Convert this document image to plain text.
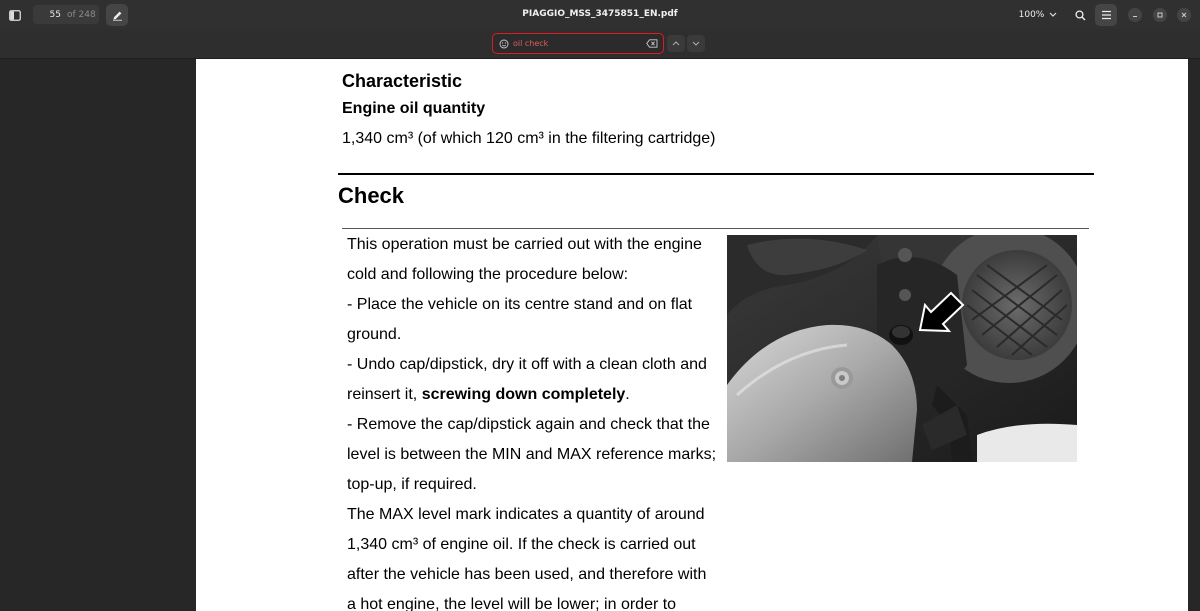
55 of 248	PIAGGIO_MSS_3475851_EN.pdf	100%
oil check
Characteristic
Engine oil quantity
1,340 cm³ (of which 120 cm³ in the filtering cartridge)
Check

This operation must be carried out with the engine cold and following the procedure below:

- Place the vehicle on its centre stand and on flat ground.

- Undo cap/dipstick, dry it off with a clean cloth and reinsert it, screwing down completely.

- Remove the cap/dipstick again and check that the level is between the MIN and MAX reference marks; top-up, if required.

The MAX level mark indicates a quantity of around 1,340 cm³ of engine oil. If the check is carried out after the vehicle has been used, and therefore with a hot engine, the level will be lower; in order to
